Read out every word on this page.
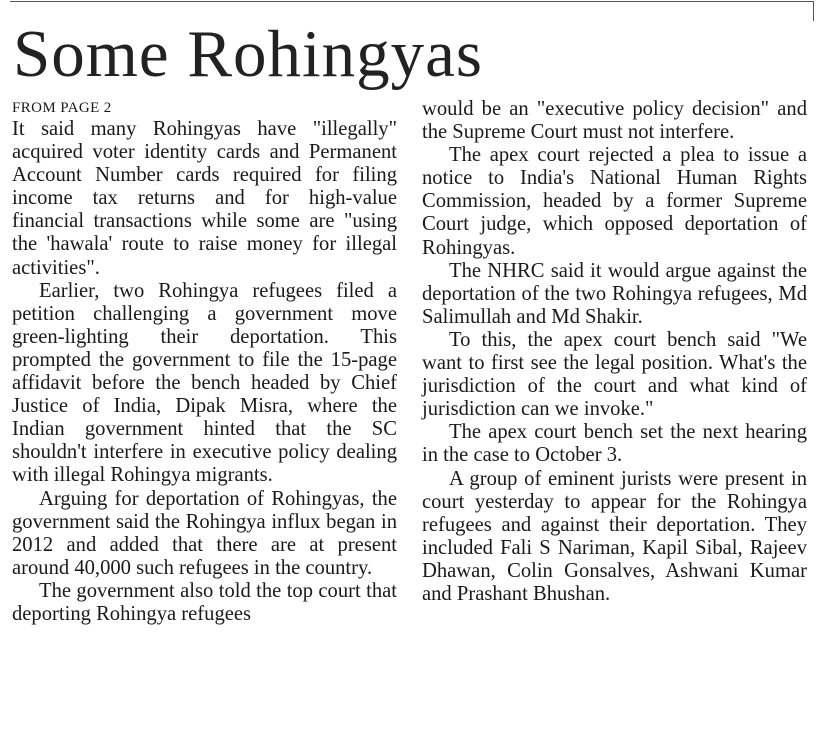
Some Rohingyas
FROM PAGE 2

It said many Rohingyas have "illegally" acquired voter identity cards and Permanent Account Number cards required for filing income tax returns and for high-value financial transactions while some are "using the 'hawala' route to raise money for illegal activities".

Earlier, two Rohingya refugees filed a petition challenging a government move green-lighting their deportation. This prompted the government to file the 15-page affidavit before the bench headed by Chief Justice of India, Dipak Misra, where the Indian government hinted that the SC shouldn't interfere in executive policy dealing with illegal Rohingya migrants.

Arguing for deportation of Rohingyas, the government said the Rohingya influx began in 2012 and added that there are at present around 40,000 such refugees in the country.

The government also told the top court that deporting Rohingya refugees

would be an "executive policy decision" and the Supreme Court must not interfere.

The apex court rejected a plea to issue a notice to India's National Human Rights Commission, headed by a former Supreme Court judge, which opposed deportation of Rohingyas.

The NHRC said it would argue against the deportation of the two Rohingya refugees, Md Salimullah and Md Shakir.

To this, the apex court bench said "We want to first see the legal position. What's the jurisdiction of the court and what kind of jurisdiction can we invoke."

The apex court bench set the next hearing in the case to October 3.

A group of eminent jurists were present in court yesterday to appear for the Rohingya refugees and against their deportation. They included Fali S Nariman, Kapil Sibal, Rajeev Dhawan, Colin Gonsalves, Ashwani Kumar and Prashant Bhushan.
